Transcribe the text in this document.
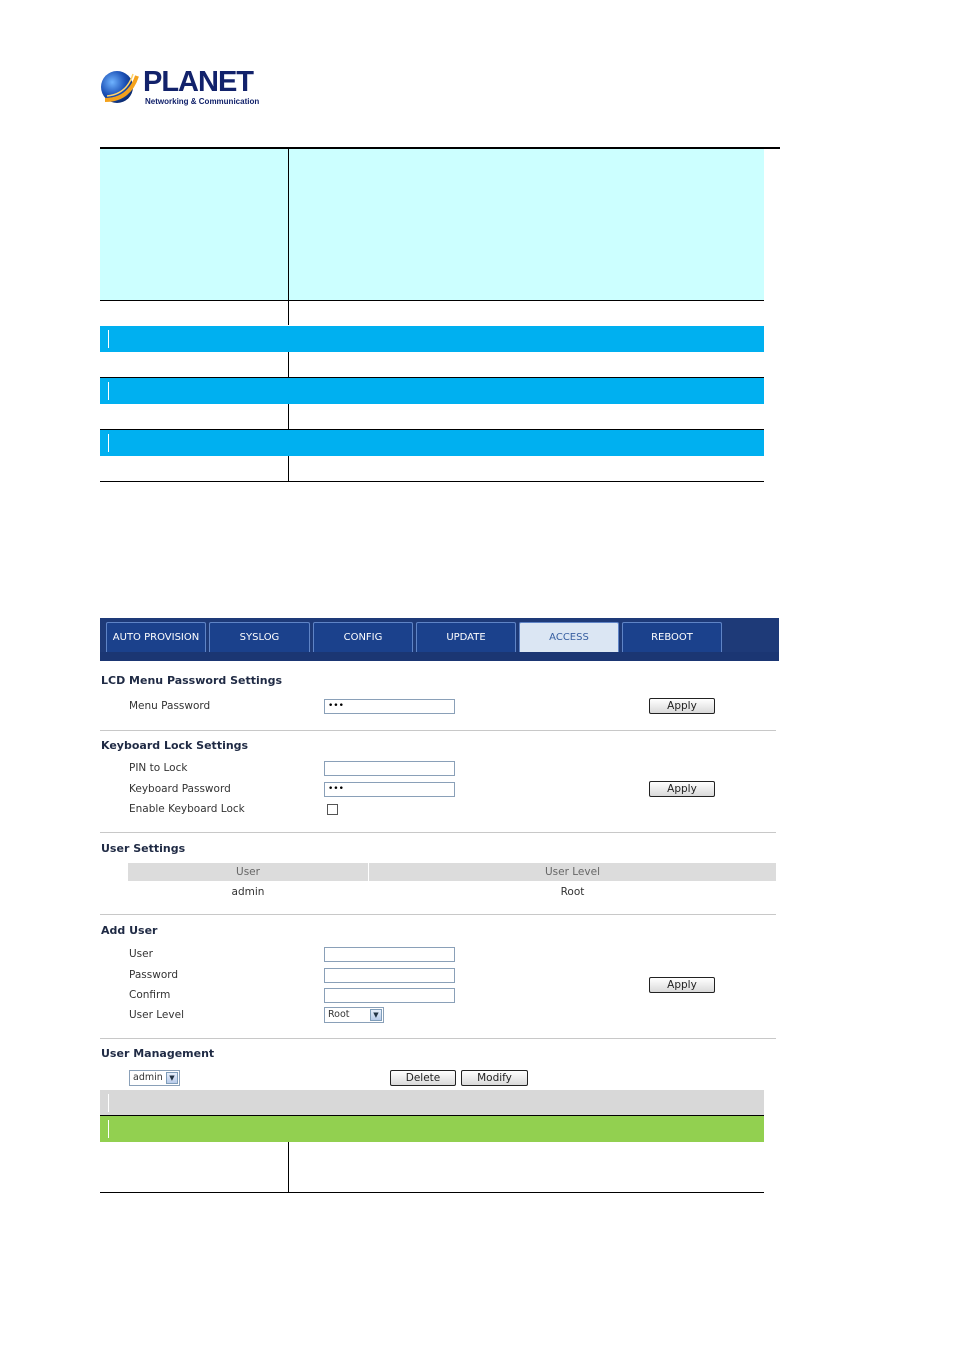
PLANET
Networking & Communication
AUTO PROVISION	SYSLOG	CONFIG	UPDATE	ACCESS	REBOOT
LCD Menu Password Settings
Menu Password	•••	Apply
Keyboard Lock Settings
PIN to Lock
Keyboard Password	•••	Apply
Enable Keyboard Lock
User Settings
User	User Level
admin	Root
Add User
User
Password
Confirm
User Level	Root	▼
Apply
User Management
admin ▼	Delete	Modify
